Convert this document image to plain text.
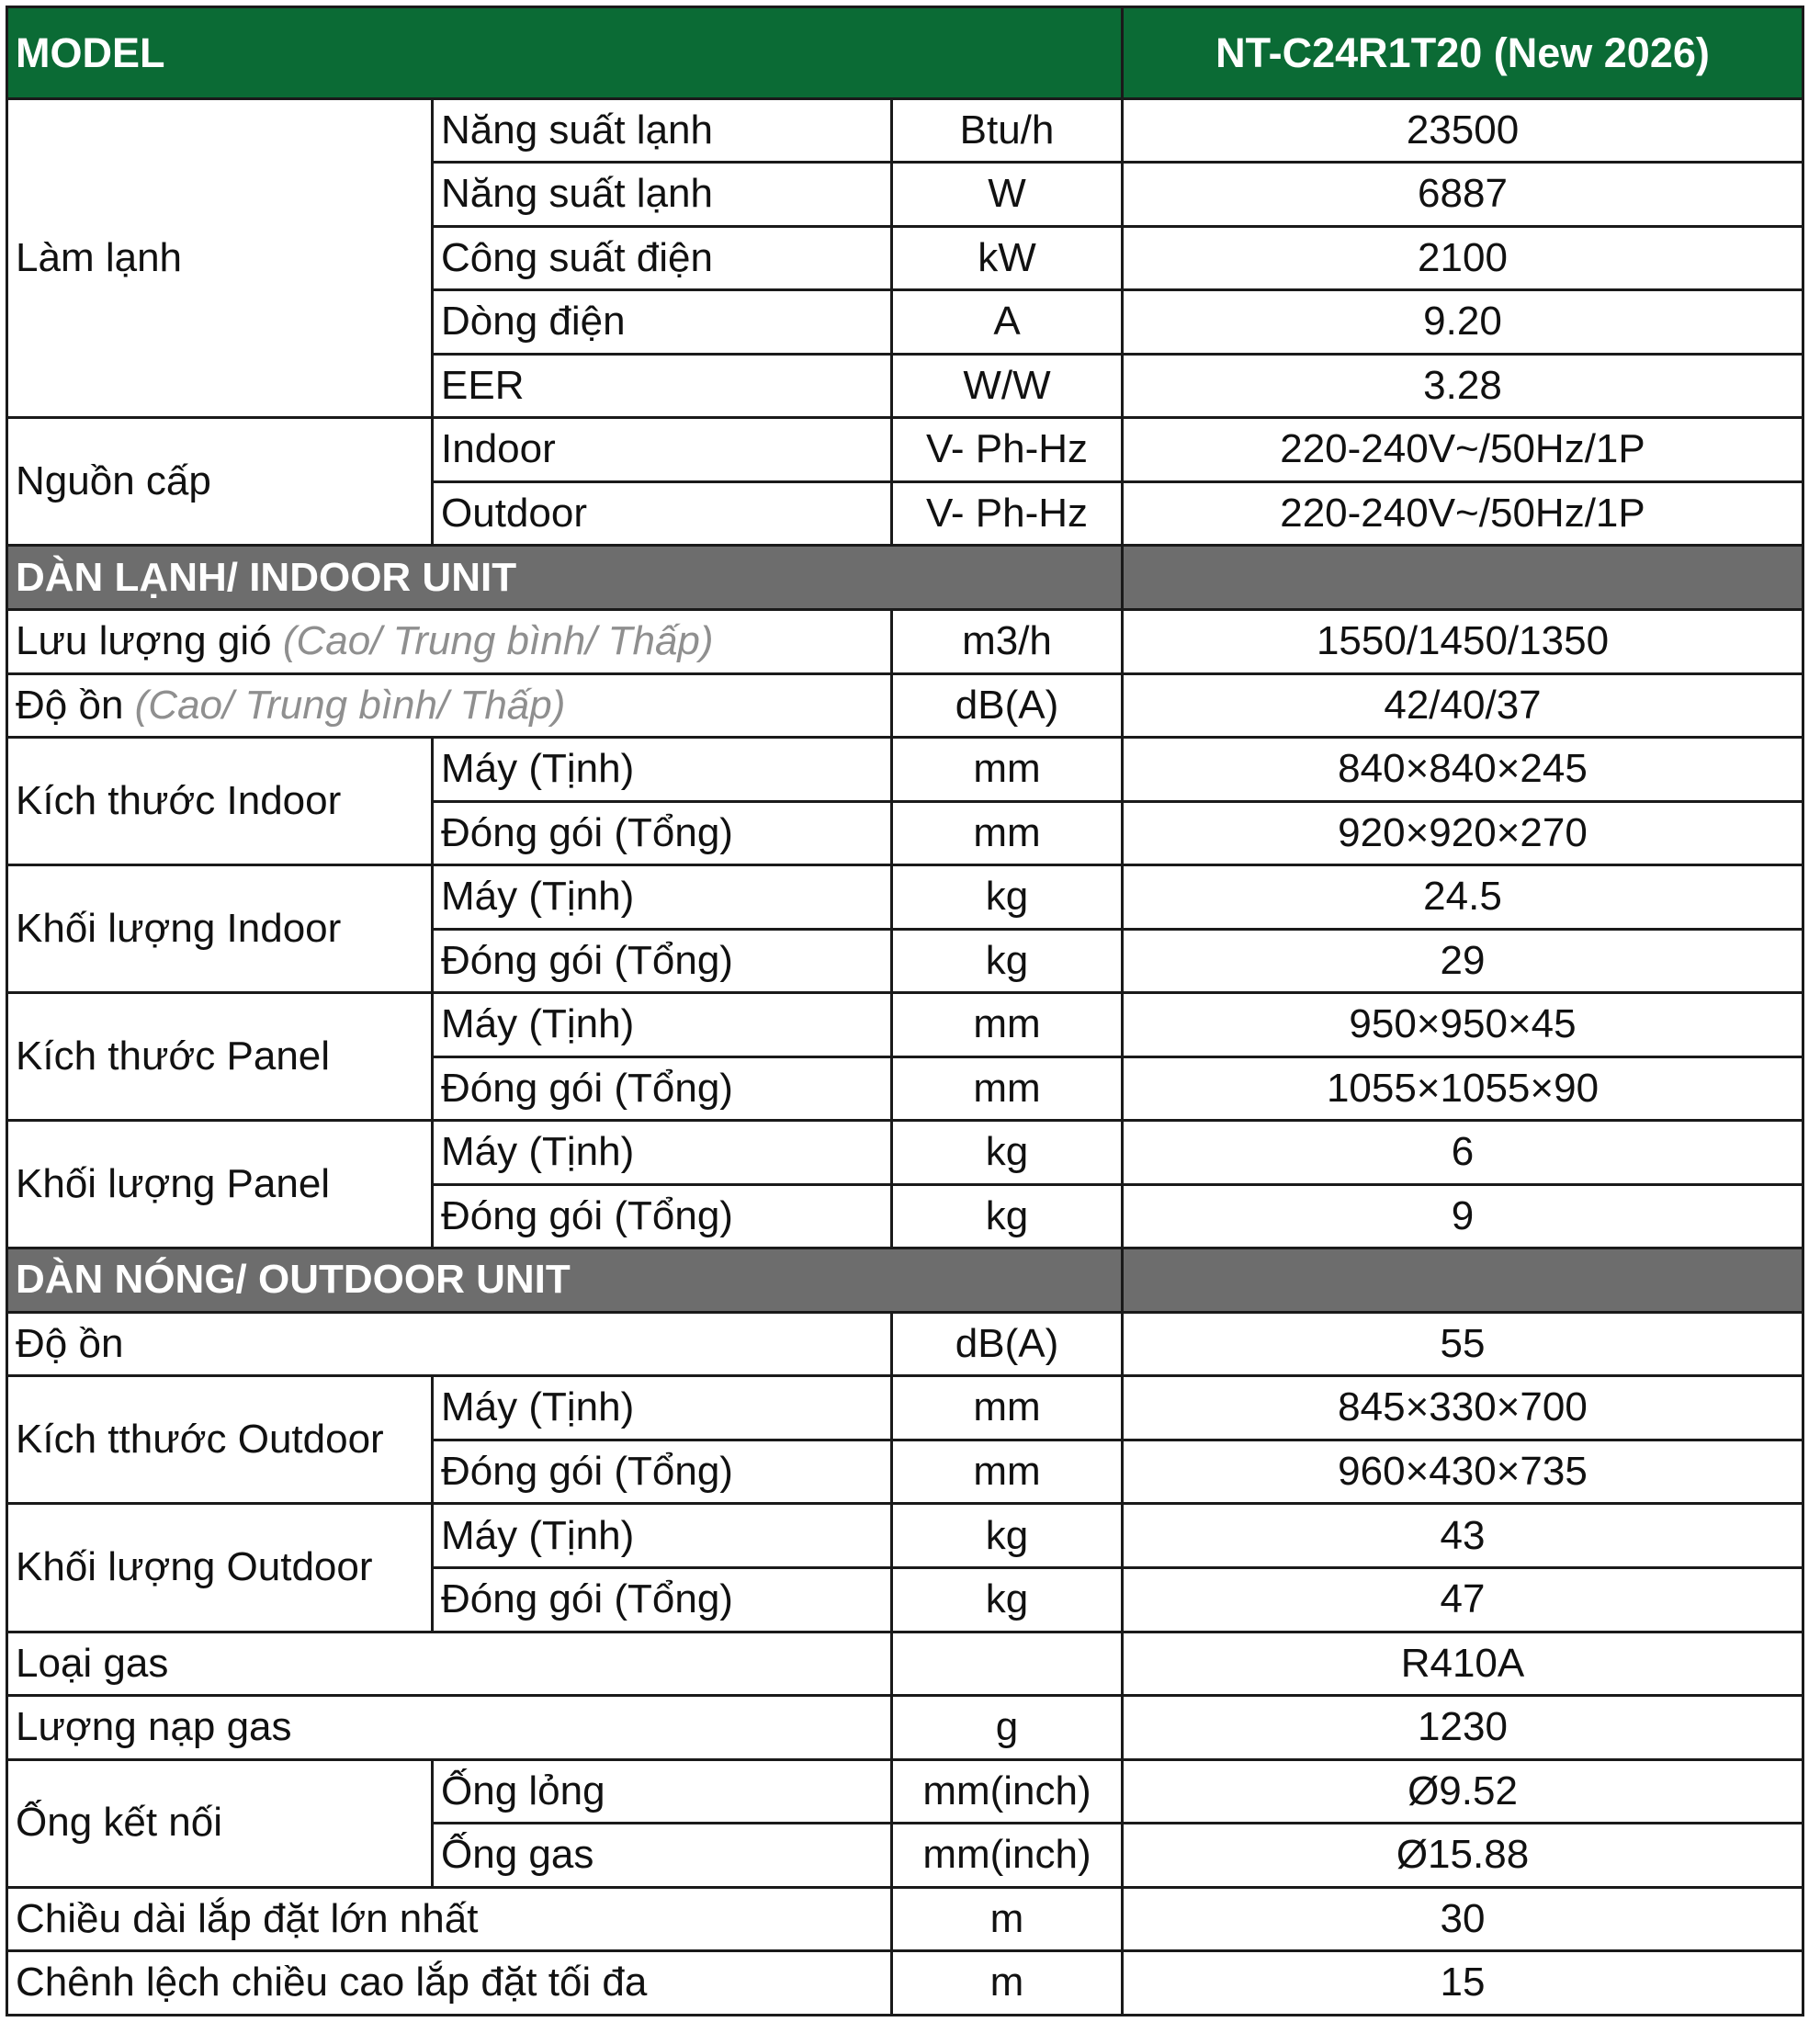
MODEL			NT-C24R1T20 (New 2026)
Làm lạnh	Năng suất lạnh	Btu/h	23500
	Năng suất lạnh	W	6887
	Công suất điện	kW	2100
	Dòng điện	A	9.20
	EER	W/W	3.28
Nguồn cấp	Indoor	V- Ph-Hz	220-240V~/50Hz/1P
	Outdoor	V- Ph-Hz	220-240V~/50Hz/1P
DÀN LẠNH/ INDOOR UNIT			
Lưu lượng gió (Cao/ Trung bình/ Thấp)		m3/h	1550/1450/1350
Độ ồn (Cao/ Trung bình/ Thấp)		dB(A)	42/40/37
Kích thước Indoor	Máy (Tịnh)	mm	840×840×245
	Đóng gói (Tổng)	mm	920×920×270
Khối lượng Indoor	Máy (Tịnh)	kg	24.5
	Đóng gói (Tổng)	kg	29
Kích thước Panel	Máy (Tịnh)	mm	950×950×45
	Đóng gói (Tổng)	mm	1055×1055×90
Khối lượng Panel	Máy (Tịnh)	kg	6
	Đóng gói (Tổng)	kg	9
DÀN NÓNG/ OUTDOOR UNIT			
Độ ồn		dB(A)	55
Kích tthước Outdoor	Máy (Tịnh)	mm	845×330×700
	Đóng gói (Tổng)	mm	960×430×735
Khối lượng Outdoor	Máy (Tịnh)	kg	43
	Đóng gói (Tổng)	kg	47
Loại gas			R410A
Lượng nạp gas		g	1230
Ống kết nối	Ống lỏng	mm(inch)	Ø9.52
	Ống gas	mm(inch)	Ø15.88
Chiều dài lắp đặt lớn nhất		m	30
Chênh lệch chiều cao lắp đặt tối đa		m	15
